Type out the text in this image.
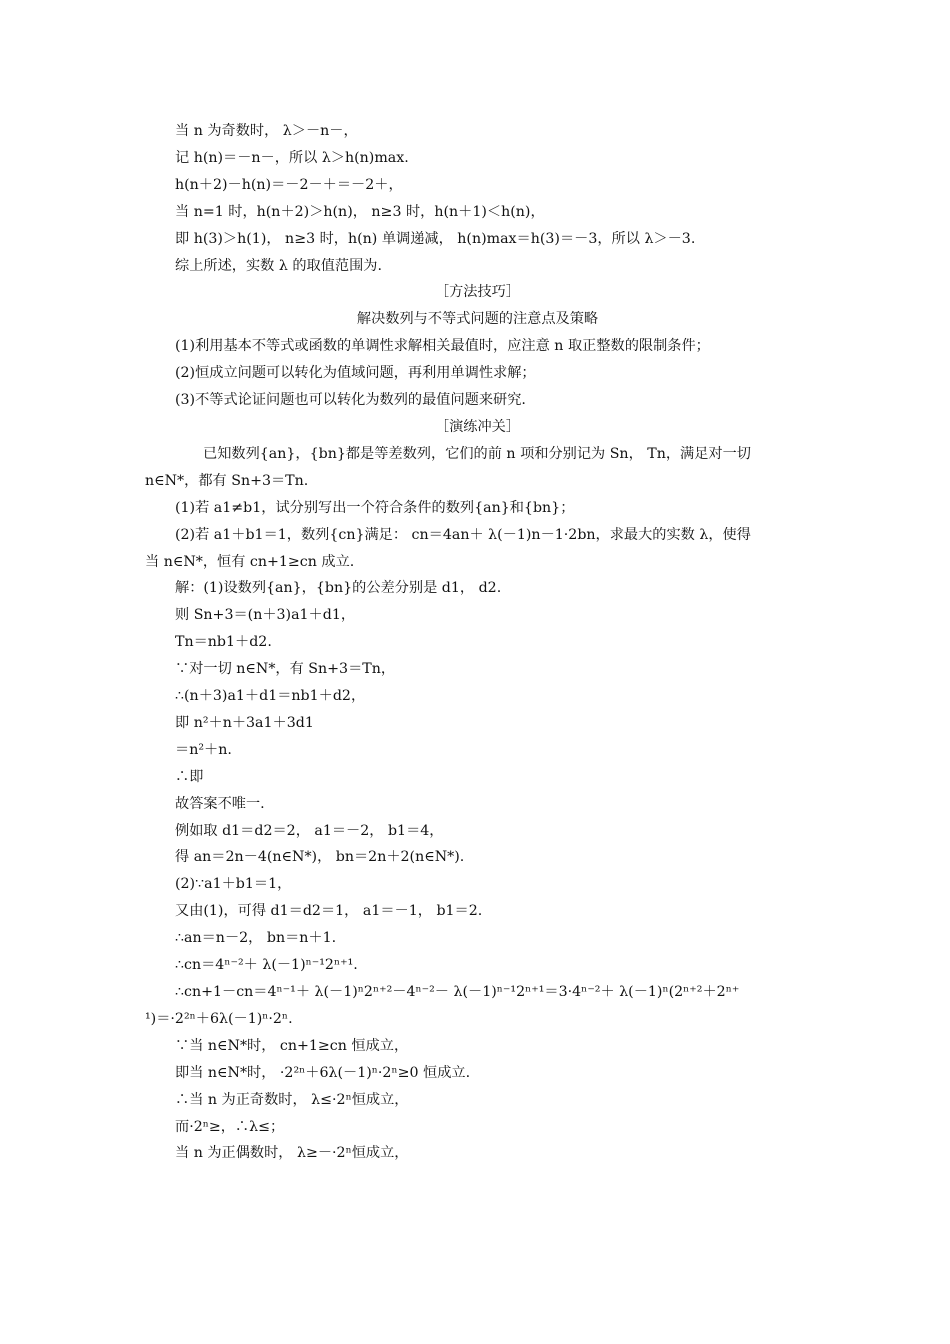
当 n 为奇数时， λ＞－n－，
记 h(n)＝－n－，所以 λ＞h(n)max.
h(n＋2)－h(n)＝－2－＋＝－2＋，
当 n=1 时，h(n＋2)＞h(n)， n≥3 时，h(n＋1)＜h(n)，
即 h(3)＞h(1)， n≥3 时，h(n) 单调递减， h(n)max＝h(3)＝－3，所以 λ＞－3.
综上所述，实数 λ 的取值范围为.
［方法技巧］
解决数列与不等式问题的注意点及策略
(1)利用基本不等式或函数的单调性求解相关最值时，应注意 n 取正整数的限制条件；
(2)恒成立问题可以转化为值域问题，再利用单调性求解；
(3)不等式论证问题也可以转化为数列的最值问题来研究.
［演练冲关］
已知数列{an}，{bn}都是等差数列，它们的前 n 项和分别记为 Sn， Tn，满足对一切
n∈N*，都有 Sn+3＝Tn.
(1)若 a1≠b1，试分别写出一个符合条件的数列{an}和{bn}；
(2)若 a1＋b1＝1，数列{cn}满足： cn＝4an＋ λ(－1)n－1·2bn，求最大的实数 λ，使得
当 n∈N*，恒有 cn+1≥cn 成立.
解：(1)设数列{an}，{bn}的公差分别是 d1， d2.
则 Sn+3＝(n＋3)a1＋d1，
Tn＝nb1＋d2.
∵对一切 n∈N*，有 Sn+3＝Tn，
∴(n＋3)a1＋d1＝nb1＋d2，
即 n²＋n＋3a1＋3d1
＝n²＋n.
∴即
故答案不唯一.
例如取 d1＝d2＝2， a1＝－2， b1＝4，
得 an＝2n－4(n∈N*)， bn＝2n＋2(n∈N*).
(2)∵a1＋b1＝1，
又由(1)，可得 d1＝d2＝1， a1＝－1， b1＝2.
∴an＝n－2， bn＝n＋1.
∴cn＝4ⁿ⁻²＋ λ(－1)ⁿ⁻¹2ⁿ⁺¹.
∴cn+1－cn＝4ⁿ⁻¹＋ λ(－1)ⁿ2ⁿ⁺²－4ⁿ⁻²－ λ(－1)ⁿ⁻¹2ⁿ⁺¹＝3·4ⁿ⁻²＋ λ(－1)ⁿ(2ⁿ⁺²＋2ⁿ⁺
¹)＝·2²ⁿ＋6λ(－1)ⁿ·2ⁿ.
∵当 n∈N*时， cn+1≥cn 恒成立，
即当 n∈N*时， ·2²ⁿ＋6λ(－1)ⁿ·2ⁿ≥0 恒成立.
∴当 n 为正奇数时， λ≤·2ⁿ恒成立，
而·2ⁿ≥，∴λ≤；
当 n 为正偶数时， λ≥－·2ⁿ恒成立，
